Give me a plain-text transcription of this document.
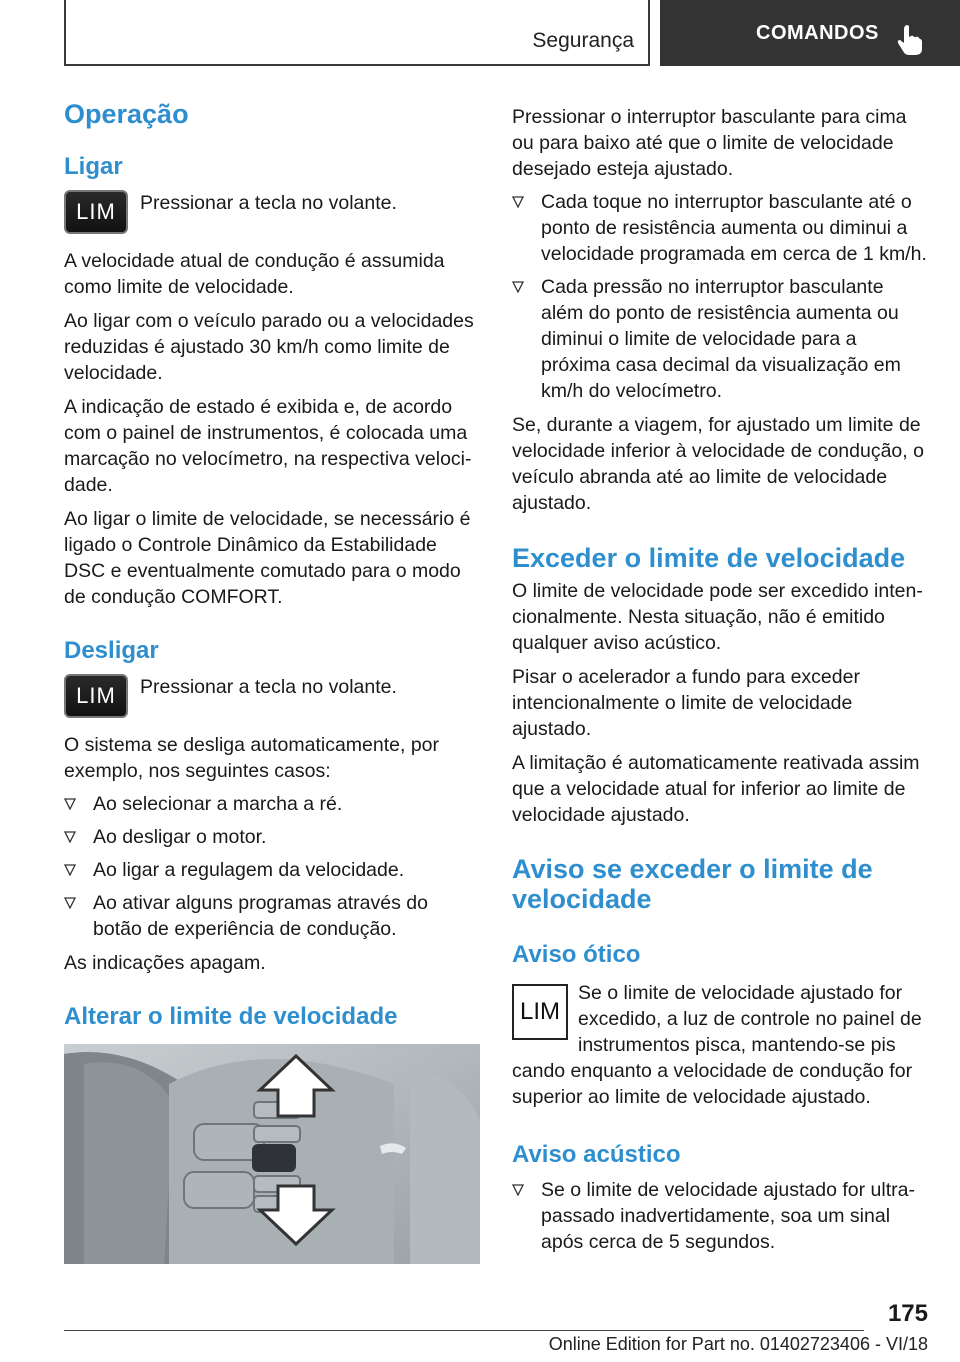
Segurança	COMANDOS
Operação
Ligar
LIM Pressionar a tecla no volante.

A velocidade atual de condução é assumida como limite de velocidade.

Ao ligar com o veículo parado ou a velocidades reduzidas é ajustado 30 km/h como limite de velocidade.

A indicação de estado é exibida e, de acordo com o painel de instrumentos, é colocada uma marcação no velocímetro, na respectiva velocidade.

Ao ligar o limite de velocidade, se necessário é ligado o Controle Dinâmico da Estabilidade DSC e eventualmente comutado para o modo de condução COMFORT.

Desligar
LIM Pressionar a tecla no volante.

O sistema se desliga automaticamente, por exemplo, nos seguintes casos:

Ao selecionar a marcha a ré.
Ao desligar o motor.
Ao ligar a regulagem da velocidade.
Ao ativar alguns programas através do botão de experiência de condução.

As indicações apagam.

Alterar o limite de velocidade

Pressionar o interruptor basculante para cima ou para baixo até que o limite de velocidade desejado esteja ajustado.

Cada toque no interruptor basculante até o ponto de resistência aumenta ou diminui a velocidade programada em cerca de 1 km/h.
Cada pressão no interruptor basculante além do ponto de resistência aumenta ou diminui o limite de velocidade para a próxima casa decimal da visualização em km/h do velocímetro.

Se, durante a viagem, for ajustado um limite de velocidade inferior à velocidade de condução, o veículo abranda até ao limite de velocidade ajustado.

Exceder o limite de velocidade

O limite de velocidade pode ser excedido intencionalmente. Nesta situação, não é emitido qualquer aviso acústico.

Pisar o acelerador a fundo para exceder intencionalmente o limite de velocidade ajustado.

A limitação é automaticamente reativada assim que a velocidade atual for inferior ao limite de velocidade ajustado.

Aviso se exceder o limite de velocidade
Aviso ótico
LIM
Se o limite de velocidade ajustado for excedido, a luz de controle no painel de instrumentos pisca, mantendo-se pis

cando enquanto a velocidade de condução for superior ao limite de velocidade ajustado.

Aviso acústico
Se o limite de velocidade ajustado for ultrapassado inadvertidamente, soa um sinal após cerca de 5 segundos.
175
Online Edition for Part no. 01402723406 - VI/18
